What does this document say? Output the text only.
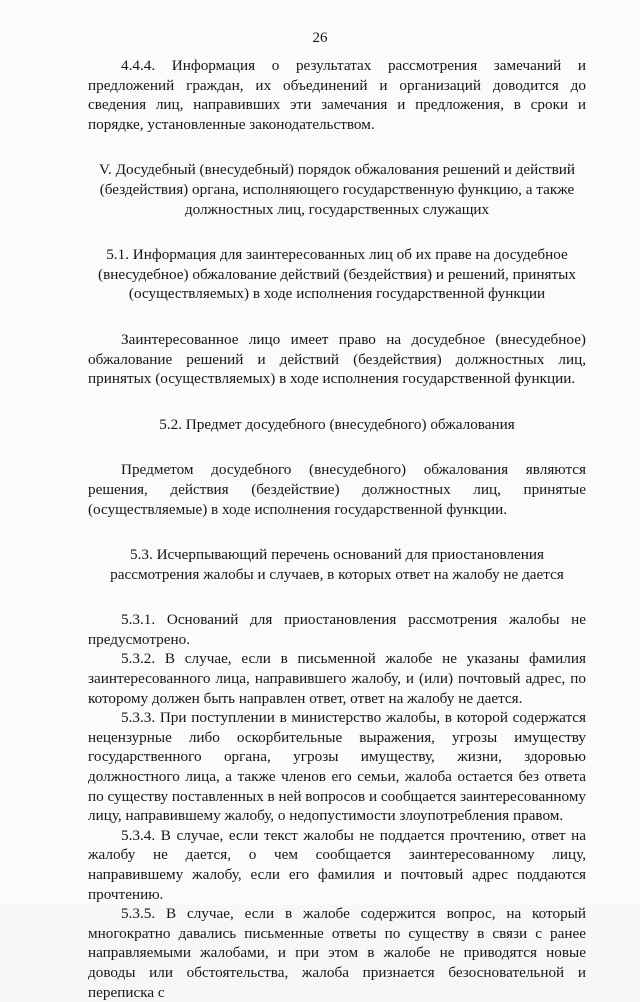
26

4.4.4. Информация о результатах рассмотрения замечаний и предложений граждан, их объединений и организаций доводится до сведения лиц, направивших эти замечания и предложения, в сроки и порядке, установленные законодательством.

V. Досудебный (внесудебный) порядок обжалования решений и действий (бездействия) органа, исполняющего государственную функцию, а также должностных лиц, государственных служащих

5.1. Информация для заинтересованных лиц об их праве на досудебное (внесудебное) обжалование действий (бездействия) и решений, принятых (осуществляемых) в ходе исполнения государственной функции

Заинтересованное лицо имеет право на досудебное (внесудебное) обжалование решений и действий (бездействия) должностных лиц, принятых (осуществляемых) в ходе исполнения государственной функции.

5.2. Предмет досудебного (внесудебного) обжалования

Предметом досудебного (внесудебного) обжалования являются решения, действия (бездействие) должностных лиц, принятые (осуществляемые) в ходе исполнения государственной функции.

5.3. Исчерпывающий перечень оснований для приостановления рассмотрения жалобы и случаев, в которых ответ на жалобу не дается

5.3.1. Оснований для приостановления рассмотрения жалобы не предусмотрено.

5.3.2. В случае, если в письменной жалобе не указаны фамилия заинтересованного лица, направившего жалобу, и (или) почтовый адрес, по которому должен быть направлен ответ, ответ на жалобу не дается.

5.3.3. При поступлении в министерство жалобы, в которой содержатся нецензурные либо оскорбительные выражения, угрозы имуществу государственного органа, угрозы имуществу, жизни, здоровью должностного лица, а также членов его семьи, жалоба остается без ответа по существу поставленных в ней вопросов и сообщается заинтересованному лицу, направившему жалобу, о недопустимости злоупотребления правом.

5.3.4. В случае, если текст жалобы не поддается прочтению, ответ на жалобу не дается, о чем сообщается заинтересованному лицу, направившему жалобу, если его фамилия и почтовый адрес поддаются прочтению.

5.3.5. В случае, если в жалобе содержится вопрос, на который многократно давались письменные ответы по существу в связи с ранее направляемыми жалобами, и при этом в жалобе не приводятся новые доводы или обстоятельства, жалоба признается безосновательной и переписка с
